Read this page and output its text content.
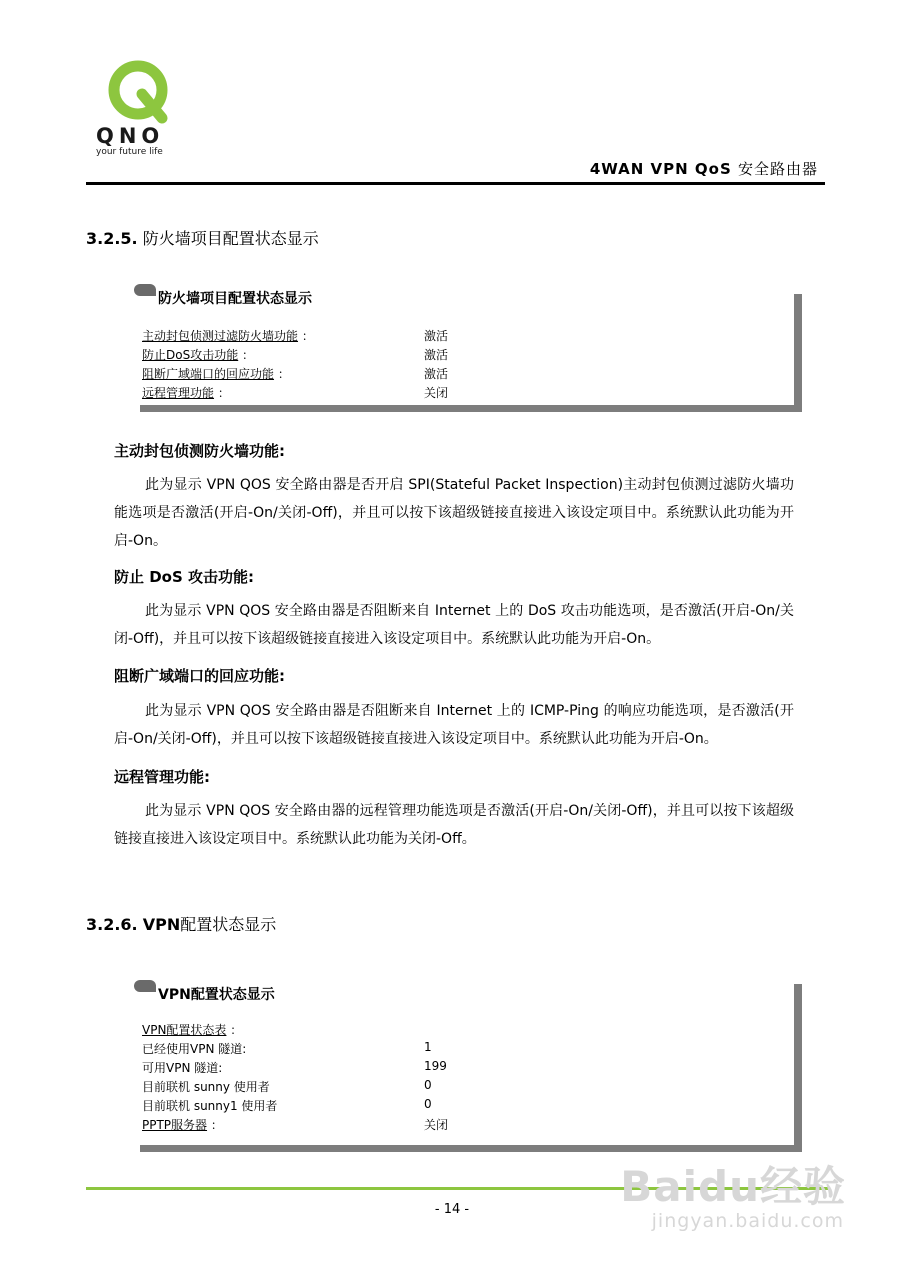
QNO
your future life
4WAN VPN QoS 安全路由器
3.2.5. 防火墙项目配置状态显示
防火墙项目配置状态显示
主动封包侦测过滤防火墙功能 ：	激活
防止DoS攻击功能 ：	激活
阻断广域端口的回应功能 ：	激活
远程管理功能 ：	关闭
主动封包侦测防火墙功能:
此为显示 VPN QOS 安全路由器是否开启 SPI(Stateful Packet Inspection)主动封包侦测过滤防火墙功能选项是否激活(开启-On/关闭-Off)，并且可以按下该超级链接直接进入该设定项目中。系统默认此功能为开启-On。
防止 DoS 攻击功能:
此为显示 VPN QOS 安全路由器是否阻断来自 Internet 上的 DoS 攻击功能选项，是否激活(开启-On/关闭-Off)，并且可以按下该超级链接直接进入该设定项目中。系统默认此功能为开启-On。
阻断广域端口的回应功能:
此为显示 VPN QOS 安全路由器是否阻断来自 Internet 上的 ICMP-Ping 的响应功能选项，是否激活(开启-On/关闭-Off)，并且可以按下该超级链接直接进入该设定项目中。系统默认此功能为开启-On。
远程管理功能:
此为显示 VPN QOS 安全路由器的远程管理功能选项是否激活(开启-On/关闭-Off)，并且可以按下该超级链接直接进入该设定项目中。系统默认此功能为关闭-Off。
3.2.6. VPN配置状态显示
VPN配置状态显示
VPN配置状态表 ：
已经使用VPN 隧道:	1
可用VPN 隧道:	199
目前联机 sunny 使用者	0
目前联机 sunny1 使用者	0
PPTP服务器 ：	关闭
- 14 -	Baidu经验
jingyan.baidu.com
